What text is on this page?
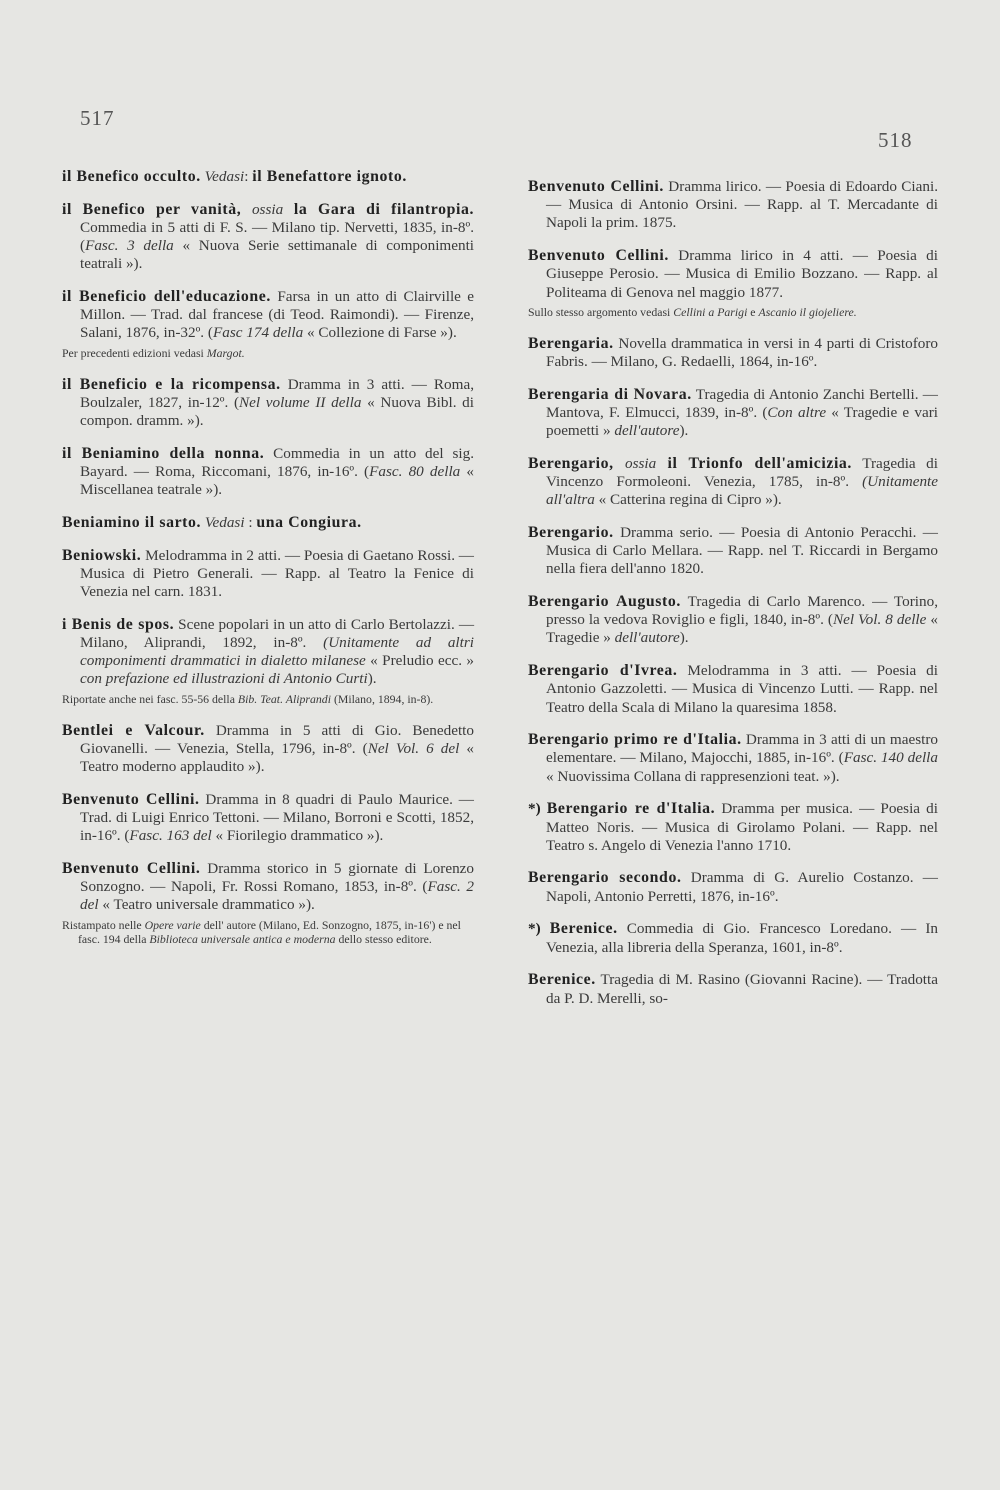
517
518
il Benefico occulto. Vedasi: il Benefattore ignoto.
il Benefico per vanità, ossia la Gara di filantropia. Commedia in 5 atti di F. S. — Milano tip. Nervetti, 1835, in-8º. (Fasc. 3 della « Nuova Serie settimanale di componimenti teatrali »).
il Beneficio dell'educazione. Farsa in un atto di Clairville e Millon. — Trad. dal francese (di Teod. Raimondi). — Firenze, Salani, 1876, in-32º. (Fasc 174 della « Collezione di Farse »).
Per precedenti edizioni vedasi Margot.
il Beneficio e la ricompensa. Dramma in 3 atti. — Roma, Boulzaler, 1827, in-12º. (Nel volume II della « Nuova Bibl. di compon. dramm. »).
il Beniamino della nonna. Commedia in un atto del sig. Bayard. — Roma, Riccomani, 1876, in-16º. (Fasc. 80 della « Miscellanea teatrale »).
Beniamino il sarto. Vedasi : una Congiura.
Beniowski. Melodramma in 2 atti. — Poesia di Gaetano Rossi. — Musica di Pietro Generali. — Rapp. al Teatro la Fenice di Venezia nel carn. 1831.
i Benis de spos. Scene popolari in un atto di Carlo Bertolazzi. — Milano, Aliprandi, 1892, in-8º. (Unitamente ad altri componimenti drammatici in dialetto milanese « Preludio ecc. » con prefazione ed illustrazioni di Antonio Curti).
Riportate anche nei fasc. 55-56 della Bib. Teat. Aliprandi (Milano, 1894, in-8).
Bentlei e Valcour. Dramma in 5 atti di Gio. Benedetto Giovanelli. — Venezia, Stella, 1796, in-8º. (Nel Vol. 6 del « Teatro moderno applaudito »).
Benvenuto Cellini. Dramma in 8 quadri di Paulo Maurice. — Trad. di Luigi Enrico Tettoni. — Milano, Borroni e Scotti, 1852, in-16º. (Fasc. 163 del « Fiorilegio drammatico »).
Benvenuto Cellini. Dramma storico in 5 giornate di Lorenzo Sonzogno. — Napoli, Fr. Rossi Romano, 1853, in-8º. (Fasc. 2 del « Teatro universale drammatico »).
Ristampato nelle Opere varie dell' autore (Milano, Ed. Sonzogno, 1875, in-16') e nel fasc. 194 della Biblioteca universale antica e moderna dello stesso editore.
Benvenuto Cellini. Dramma lirico. — Poesia di Edoardo Ciani. — Musica di Antonio Orsini. — Rapp. al T. Mercadante di Napoli la prim. 1875.
Benvenuto Cellini. Dramma lirico in 4 atti. — Poesia di Giuseppe Perosio. — Musica di Emilio Bozzano. — Rapp. al Politeama di Genova nel maggio 1877.
Sullo stesso argomento vedasi Cellini a Parigi e Ascanio il giojeliere.
Berengaria. Novella drammatica in versi in 4 parti di Cristoforo Fabris. — Milano, G. Redaelli, 1864, in-16º.
Berengaria di Novara. Tragedia di Antonio Zanchi Bertelli. — Mantova, F. Elmucci, 1839, in-8º. (Con altre « Tragedie e vari poemetti » dell'autore).
Berengario, ossia il Trionfo dell'amicizia. Tragedia di Vincenzo Formoleoni. Venezia, 1785, in-8º. (Unitamente all'altra « Catterina regina di Cipro »).
Berengario. Dramma serio. — Poesia di Antonio Peracchi. — Musica di Carlo Mellara. — Rapp. nel T. Riccardi in Bergamo nella fiera dell'anno 1820.
Berengario Augusto. Tragedia di Carlo Marenco. — Torino, presso la vedova Roviglio e figli, 1840, in-8º. (Nel Vol. 8 delle « Tragedie » dell'autore).
Berengario d'Ivrea. Melodramma in 3 atti. — Poesia di Antonio Gazzoletti. — Musica di Vincenzo Lutti. — Rapp. nel Teatro della Scala di Milano la quaresima 1858.
Berengario primo re d'Italia. Dramma in 3 atti di un maestro elementare. — Milano, Majocchi, 1885, in-16º. (Fasc. 140 della « Nuovissima Collana di rappresenzioni teat. »).
*) Berengario re d'Italia. Dramma per musica. — Poesia di Matteo Noris. — Musica di Girolamo Polani. — Rapp. nel Teatro s. Angelo di Venezia l'anno 1710.
Berengario secondo. Dramma di G. Aurelio Costanzo. — Napoli, Antonio Perretti, 1876, in-16º.
*) Berenice. Commedia di Gio. Francesco Loredano. — In Venezia, alla libreria della Speranza, 1601, in-8º.
Berenice. Tragedia di M. Rasino (Giovanni Racine). — Tradotta da P. D. Merelli, so-
